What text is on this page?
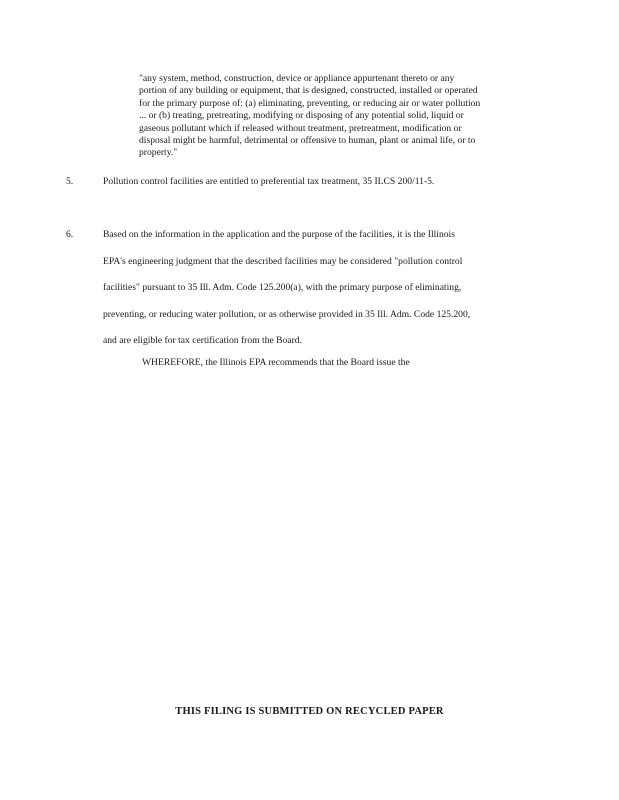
"any system, method, construction, device or appliance appurtenant thereto or any
portion of any building or equipment, that is designed, constructed, installed or operated
for the primary purpose of: (a) eliminating, preventing, or reducing air or water pollution
... or (b) treating, pretreating, modifying or disposing of any potential solid, liquid or
gaseous pollutant which if released without treatment, pretreatment, modification or
disposal might be harmful, detrimental or offensive to human, plant or animal life, or to
property."
5.	Pollution control facilities are entitled to preferential tax treatment, 35 ILCS 200/11-5.
6.	Based on the information in the application and the purpose of the facilities, it is the Illinois
EPA's engineering judgment that the described facilities may be considered "pollution control
facilities" pursuant to 35 Ill. Adm. Code 125.200(a), with the primary purpose of eliminating,
preventing, or reducing water pollution, or as otherwise provided in 35 Ill. Adm. Code 125.200,
and are eligible for tax certification from the Board.
WHEREFORE, the Illinois EPA recommends that the Board issue the
THIS FILING IS SUBMITTED ON RECYCLED PAPER
